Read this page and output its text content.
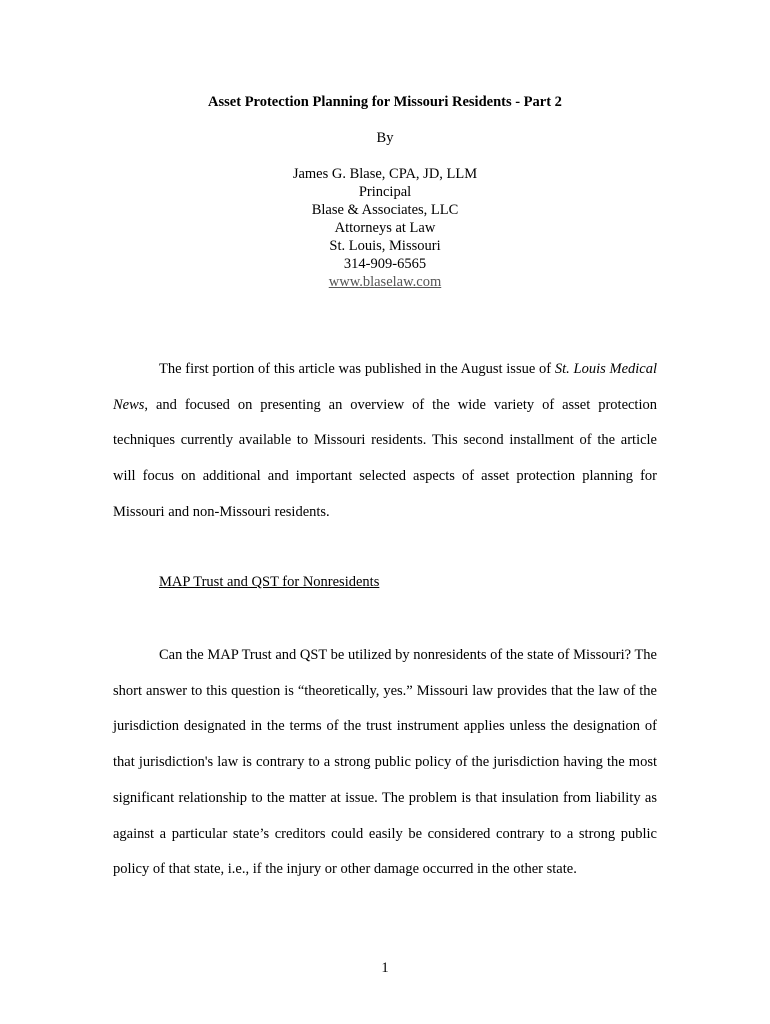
Asset Protection Planning for Missouri Residents - Part 2
By
James G. Blase, CPA, JD, LLM
Principal
Blase & Associates, LLC
Attorneys at Law
St. Louis, Missouri
314-909-6565
www.blaselaw.com
The first portion of this article was published in the August issue of St. Louis Medical News, and focused on presenting an overview of the wide variety of asset protection techniques currently available to Missouri residents. This second installment of the article will focus on additional and important selected aspects of asset protection planning for Missouri and non-Missouri residents.
MAP Trust and QST for Nonresidents
Can the MAP Trust and QST be utilized by nonresidents of the state of Missouri? The short answer to this question is “theoretically, yes.” Missouri law provides that the law of the jurisdiction designated in the terms of the trust instrument applies unless the designation of that jurisdiction's law is contrary to a strong public policy of the jurisdiction having the most significant relationship to the matter at issue. The problem is that insulation from liability as against a particular state’s creditors could easily be considered contrary to a strong public policy of that state, i.e., if the injury or other damage occurred in the other state.
1
